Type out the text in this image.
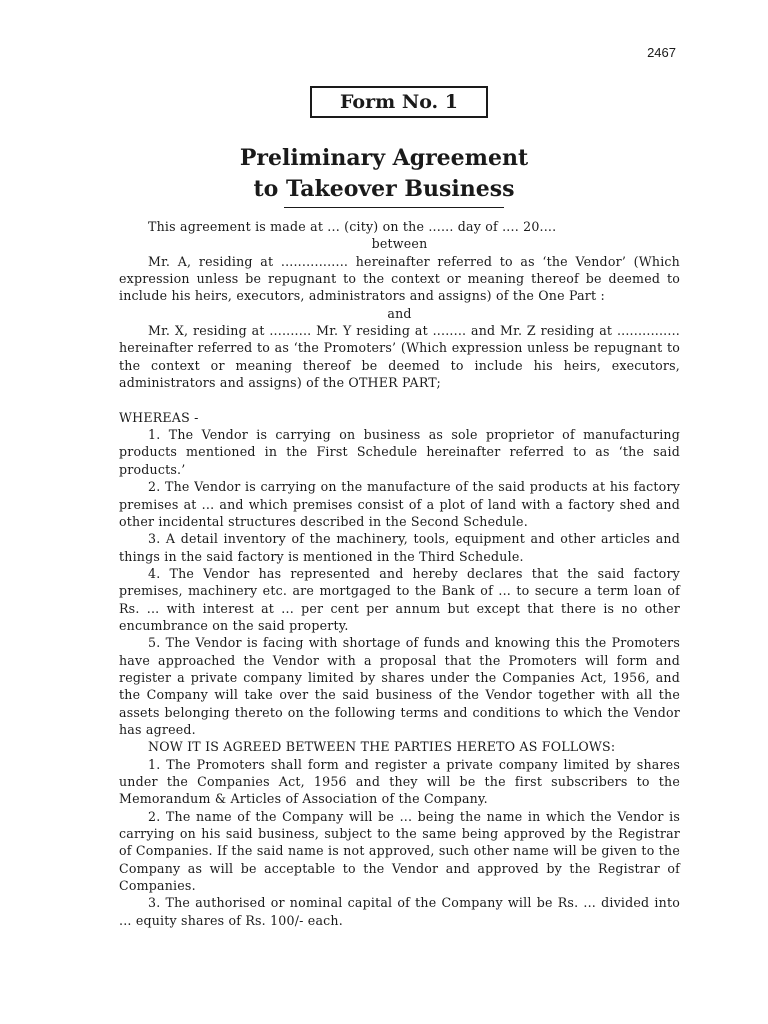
2467
Form No. 1
Preliminary Agreement
to Takeover Business

This agreement is made at ... (city) on the ...... day of .... 20....

between

Mr. A, residing at ................ hereinafter referred to as ‘the Vendor’ (Which expression unless be repugnant to the context or meaning thereof be deemed to include his heirs, executors, administrators and assigns) of the One Part :

and

Mr. X, residing at .......... Mr. Y residing at ........ and Mr. Z residing at ............... hereinafter referred to as ‘the Promoters’ (Which expression unless be repugnant to the context or meaning thereof be deemed to include his heirs, executors, administrators and assigns) of the OTHER PART;

WHEREAS -

1. The Vendor is carrying on business as sole proprietor of manufacturing products mentioned in the First Schedule hereinafter referred to as ‘the said products.’

2. The Vendor is carrying on the manufacture of the said products at his factory premises at ... and which premises consist of a plot of land with a factory shed and other incidental structures described in the Second Schedule.

3. A detail inventory of the machinery, tools, equipment and other articles and things in the said factory is mentioned in the Third Schedule.

4. The Vendor has represented and hereby declares that the said factory premises, machinery etc. are mortgaged to the Bank of ... to secure a term loan of Rs. ... with interest at ... per cent per annum but except that there is no other encumbrance on the said property.

5. The Vendor is facing with shortage of funds and knowing this the Promoters have approached the Vendor with a proposal that the Promoters will form and register a private company limited by shares under the Companies Act, 1956, and the Company will take over the said business of the Vendor together with all the assets belonging thereto on the following terms and conditions to which the Vendor has agreed.

NOW IT IS AGREED BETWEEN THE PARTIES HERETO AS FOLLOWS:

1. The Promoters shall form and register a private company limited by shares under the Companies Act, 1956 and they will be the first subscribers to the Memorandum & Articles of Association of the Company.

2. The name of the Company will be ... being the name in which the Vendor is carrying on his said business, subject to the same being approved by the Registrar of Companies. If the said name is not approved, such other name will be given to the Company as will be acceptable to the Vendor and approved by the Registrar of Companies.

3. The authorised or nominal capital of the Company will be Rs. ... divided into ... equity shares of Rs. 100/- each.
